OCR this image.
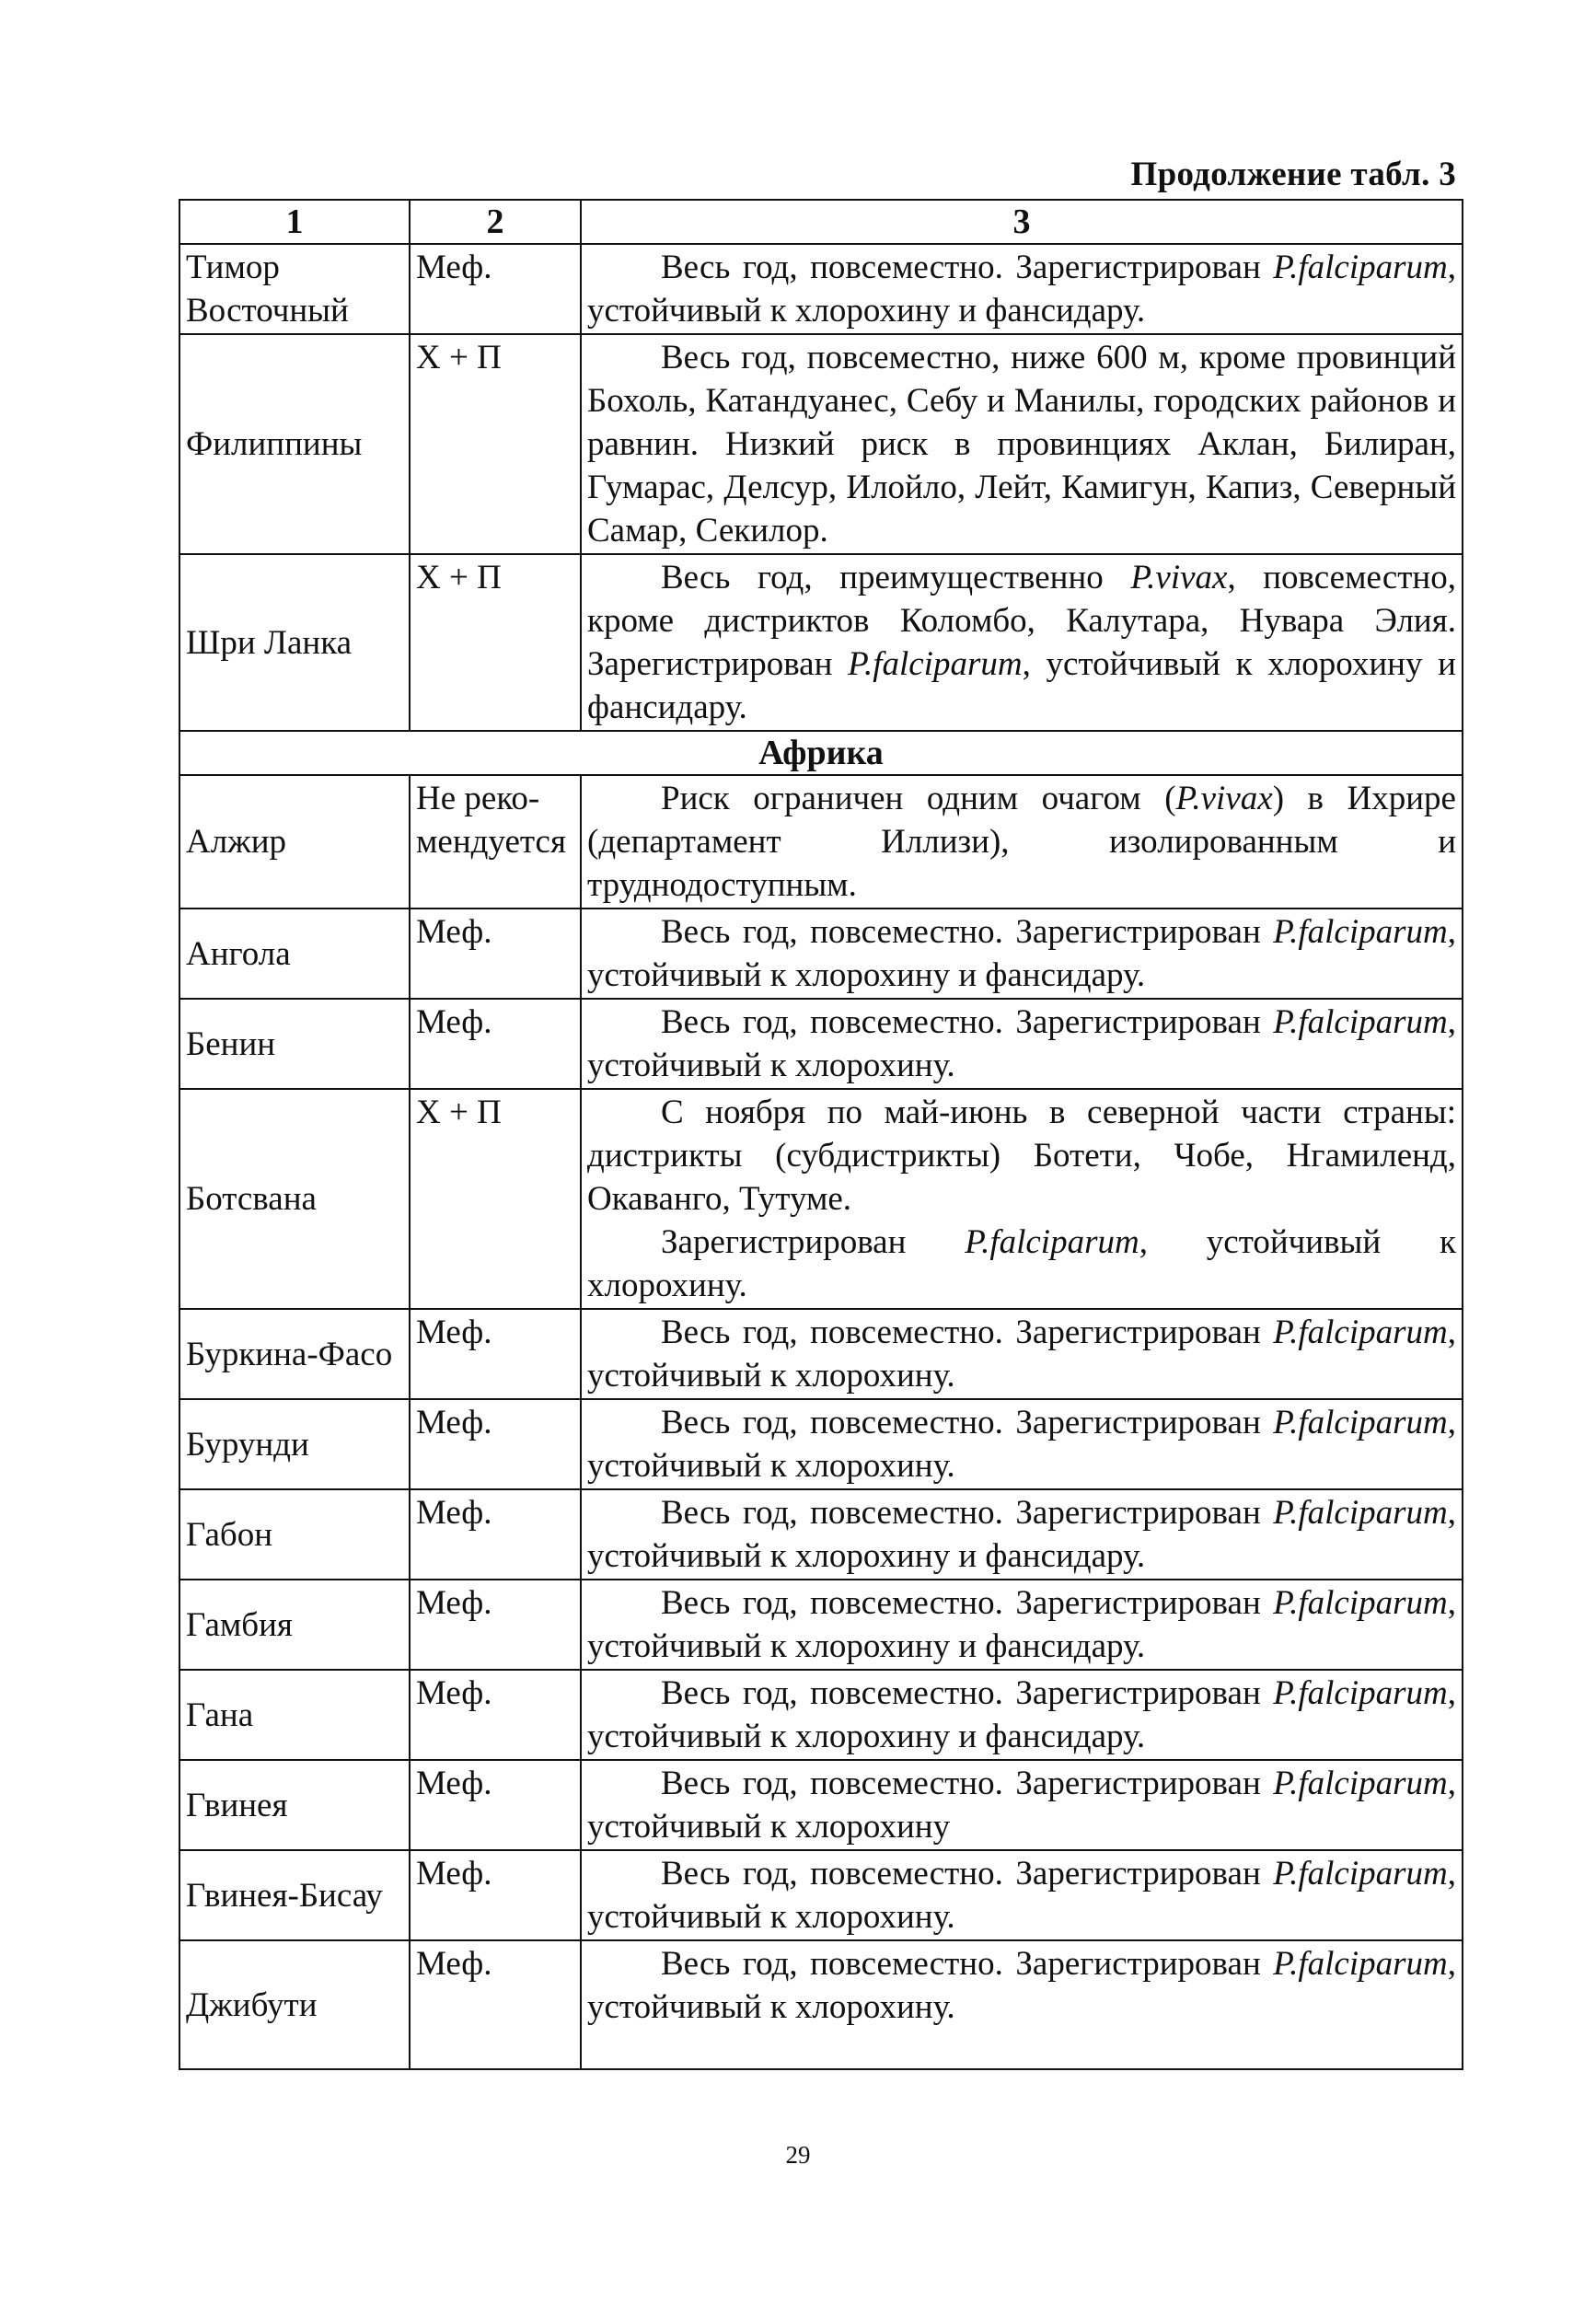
Продолжение табл. 3
1	2	3
Тимор Восточный	Меф.	Весь год, повсеместно. Зарегистрирован P.falciparum, устойчивый к хлорохину и фансидару.

Филиппины	Х + П	Весь год, повсеместно, ниже 600 м, кроме провинций Бохоль, Катандуанес, Себу и Манилы, городских районов и равнин. Низкий риск в провинциях Аклан, Билиран, Гумарас, Делсур, Илойло, Лейт, Камигун, Капиз, Северный Самар, Секилор.

Шри Ланка	Х + П	Весь год, преимущественно P.vivax, повсеместно, кроме дистриктов Коломбо, Калутара, Нувара Элия. Зарегистрирован P.falciparum, устойчивый к хлорохину и фансидару.

Африка		
Алжир	Не реко-мендуется	Риск ограничен одним очагом (P.vivax) в Ихрире (департамент Иллизи), изолированным и труднодоступным.

Ангола	Меф.	Весь год, повсеместно. Зарегистрирован P.falciparum, устойчивый к хлорохину и фансидару.

Бенин	Меф.	Весь год, повсеместно. Зарегистрирован P.falciparum, устойчивый к хлорохину.

Ботсвана	Х + П	С ноября по май-июнь в северной части страны: дистрикты (субдистрикты) Ботети, Чобе, Нгамиленд, Окаванго, Тутуме.
Зарегистрирован P.falciparum, устойчивый к хлорохину.

Буркина-Фасо	Меф.	Весь год, повсеместно. Зарегистрирован P.falciparum, устойчивый к хлорохину.

Бурунди	Меф.	Весь год, повсеместно. Зарегистрирован P.falciparum, устойчивый к хлорохину.

Габон	Меф.	Весь год, повсеместно. Зарегистрирован P.falciparum, устойчивый к хлорохину и фансидару.

Гамбия	Меф.	Весь год, повсеместно. Зарегистрирован P.falciparum, устойчивый к хлорохину и фансидару.

Гана	Меф.	Весь год, повсеместно. Зарегистрирован P.falciparum, устойчивый к хлорохину и фансидару.

Гвинея	Меф.	Весь год, повсеместно. Зарегистрирован P.falciparum, устойчивый к хлорохину

Гвинея-Бисау	Меф.	Весь год, повсеместно. Зарегистрирован P.falciparum, устойчивый к хлорохину.

Джибути	Меф.	Весь год, повсеместно. Зарегистрирован P.falciparum, устойчивый к хлорохину.
29
